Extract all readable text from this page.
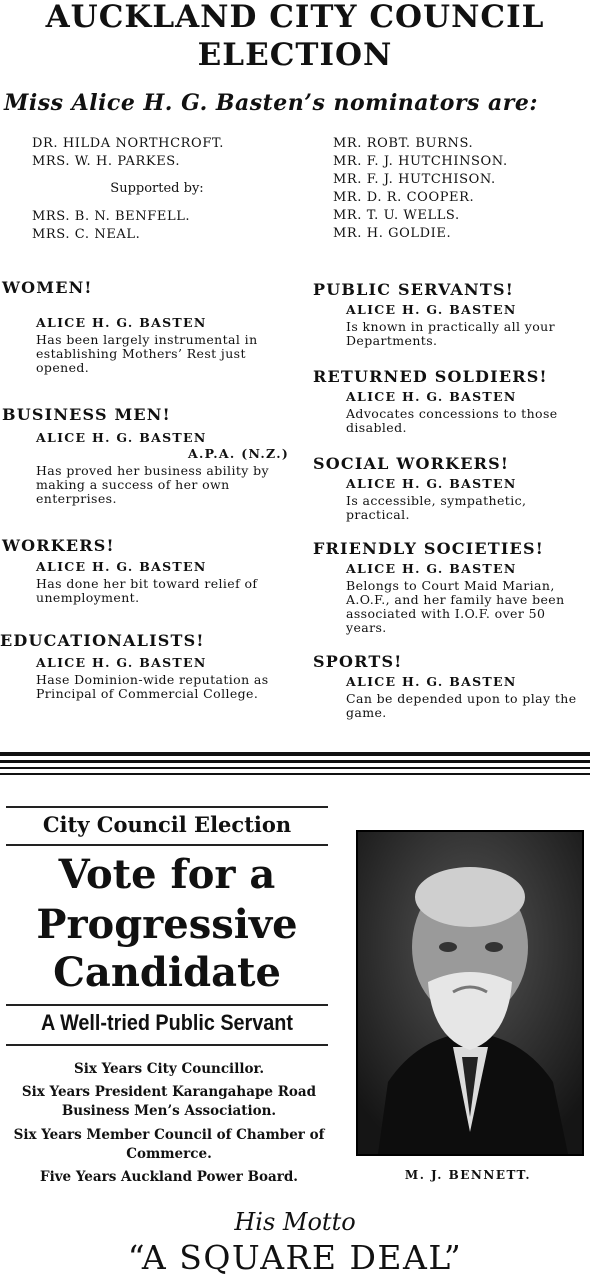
AUCKLAND CITY COUNCIL
ELECTION
Miss Alice H. G. Basten’s nominators are:
DR. HILDA NORTHCROFT.
MRS. W. H. PARKES.
Supported by:
MRS. B. N. BENFELL.
MRS. C. NEAL.
MR. ROBT. BURNS.
MR. F. J. HUTCHINSON.
MR. F. J. HUTCHISON.
MR. D. R. COOPER.
MR. T. U. WELLS.
MR. H. GOLDIE.
WOMEN!
ALICE H. G. BASTEN
Has been largely instrumental in establishing Mothers’ Rest just opened.
BUSINESS MEN!
ALICE H. G. BASTEN
A.P.A. (N.Z.)
Has proved her business ability by making a success of her own enterprises.
WORKERS!
ALICE H. G. BASTEN
Has done her bit toward relief of unemployment.
EDUCATIONALISTS!
ALICE H. G. BASTEN
Hase Dominion-wide reputation as Principal of Commercial College.
PUBLIC SERVANTS!
ALICE H. G. BASTEN
Is known in practically all your Departments.
RETURNED SOLDIERS!
ALICE H. G. BASTEN
Advocates concessions to those disabled.
SOCIAL WORKERS!
ALICE H. G. BASTEN
Is accessible, sympathetic, practical.
FRIENDLY SOCIETIES!
ALICE H. G. BASTEN
Belongs to Court Maid Marian, A.O.F., and her family have been associated with I.O.F. over 50 years.
SPORTS!
ALICE H. G. BASTEN
Can be depended upon to play the game.
City Council Election
Vote for a
Progressive
Candidate
A Well-tried Public Servant
Six Years City Councillor.
Six Years President Karangahape Road Business Men’s Association.
Six Years Member Council of Chamber of Commerce.
Five Years Auckland Power Board.	M. J. BENNETT.
His Motto
“A SQUARE DEAL”
